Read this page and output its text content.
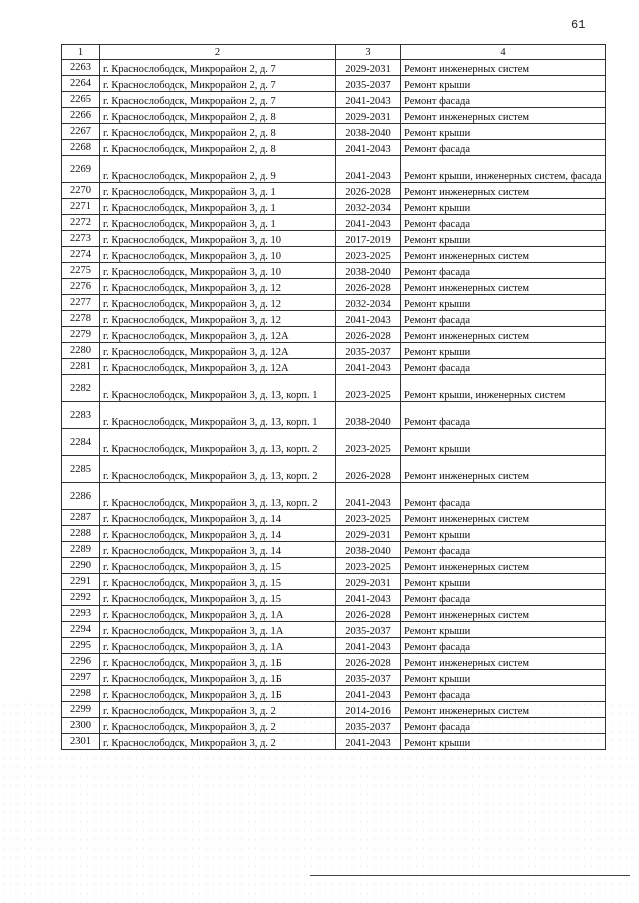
61
1	2	3	4
2263	г. Краснослободск, Микрорайон 2, д. 7	2029-2031	Ремонт инженерных систем
2264	г. Краснослободск, Микрорайон 2, д. 7	2035-2037	Ремонт крыши
2265	г. Краснослободск, Микрорайон 2, д. 7	2041-2043	Ремонт фасада
2266	г. Краснослободск, Микрорайон 2, д. 8	2029-2031	Ремонт инженерных систем
2267	г. Краснослободск, Микрорайон 2, д. 8	2038-2040	Ремонт крыши
2268	г. Краснослободск, Микрорайон 2, д. 8	2041-2043	Ремонт фасада
2269	г. Краснослободск, Микрорайон 2, д. 9	2041-2043	Ремонт крыши, инженерных систем, фасада
2270	г. Краснослободск, Микрорайон 3, д. 1	2026-2028	Ремонт инженерных систем
2271	г. Краснослободск, Микрорайон 3, д. 1	2032-2034	Ремонт крыши
2272	г. Краснослободск, Микрорайон 3, д. 1	2041-2043	Ремонт фасада
2273	г. Краснослободск, Микрорайон 3, д. 10	2017-2019	Ремонт крыши
2274	г. Краснослободск, Микрорайон 3, д. 10	2023-2025	Ремонт инженерных систем
2275	г. Краснослободск, Микрорайон 3, д. 10	2038-2040	Ремонт фасада
2276	г. Краснослободск, Микрорайон 3, д. 12	2026-2028	Ремонт инженерных систем
2277	г. Краснослободск, Микрорайон 3, д. 12	2032-2034	Ремонт крыши
2278	г. Краснослободск, Микрорайон 3, д. 12	2041-2043	Ремонт фасада
2279	г. Краснослободск, Микрорайон 3, д. 12А	2026-2028	Ремонт инженерных систем
2280	г. Краснослободск, Микрорайон 3, д. 12А	2035-2037	Ремонт крыши
2281	г. Краснослободск, Микрорайон 3, д. 12А	2041-2043	Ремонт фасада
2282	г. Краснослободск, Микрорайон 3, д. 13, корп. 1	2023-2025	Ремонт крыши, инженерных систем
2283	г. Краснослободск, Микрорайон 3, д. 13, корп. 1	2038-2040	Ремонт фасада
2284	г. Краснослободск, Микрорайон 3, д. 13, корп. 2	2023-2025	Ремонт крыши
2285	г. Краснослободск, Микрорайон 3, д. 13, корп. 2	2026-2028	Ремонт инженерных систем
2286	г. Краснослободск, Микрорайон 3, д. 13, корп. 2	2041-2043	Ремонт фасада
2287	г. Краснослободск, Микрорайон 3, д. 14	2023-2025	Ремонт инженерных систем
2288	г. Краснослободск, Микрорайон 3, д. 14	2029-2031	Ремонт крыши
2289	г. Краснослободск, Микрорайон 3, д. 14	2038-2040	Ремонт фасада
2290	г. Краснослободск, Микрорайон 3, д. 15	2023-2025	Ремонт инженерных систем
2291	г. Краснослободск, Микрорайон 3, д. 15	2029-2031	Ремонт крыши
2292	г. Краснослободск, Микрорайон 3, д. 15	2041-2043	Ремонт фасада
2293	г. Краснослободск, Микрорайон 3, д. 1А	2026-2028	Ремонт инженерных систем
2294	г. Краснослободск, Микрорайон 3, д. 1А	2035-2037	Ремонт крыши
2295	г. Краснослободск, Микрорайон 3, д. 1А	2041-2043	Ремонт фасада
2296	г. Краснослободск, Микрорайон 3, д. 1Б	2026-2028	Ремонт инженерных систем
2297	г. Краснослободск, Микрорайон 3, д. 1Б	2035-2037	Ремонт крыши
2298	г. Краснослободск, Микрорайон 3, д. 1Б	2041-2043	Ремонт фасада
2299	г. Краснослободск, Микрорайон 3, д. 2	2014-2016	Ремонт инженерных систем
2300	г. Краснослободск, Микрорайон 3, д. 2	2035-2037	Ремонт фасада
2301	г. Краснослободск, Микрорайон 3, д. 2	2041-2043	Ремонт крыши
